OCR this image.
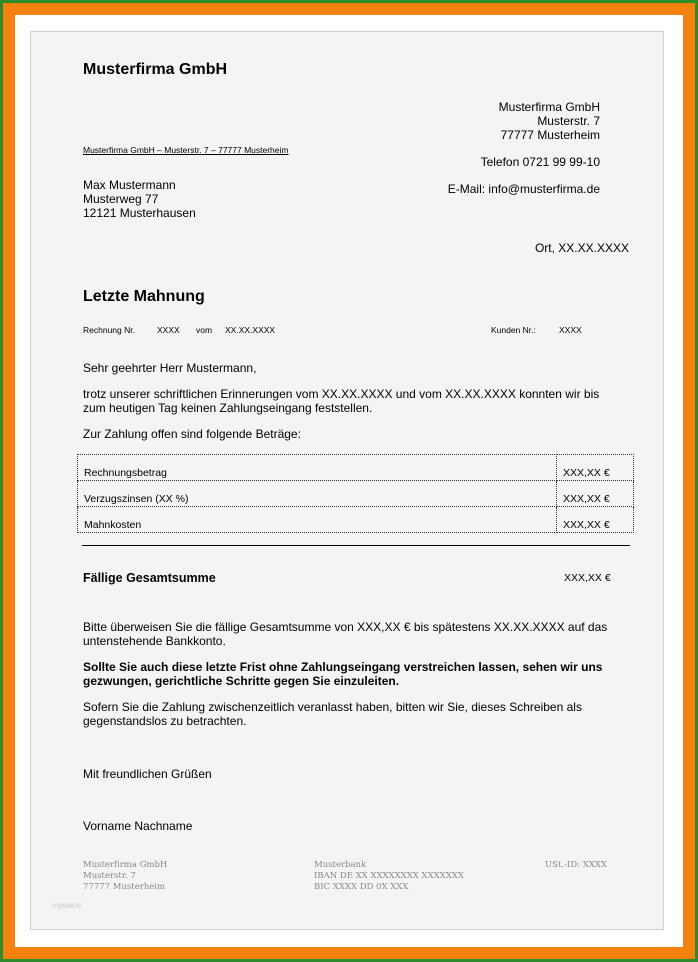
Musterfirma GmbH
Musterfirma GmbH
Musterstr. 7
77777 Musterheim
Musterfirma GmbH – Musterstr. 7 – 77777 Musterheim
Telefon 0721 99 99-10
E-Mail: info@musterfirma.de
Max Mustermann
Musterweg 77
12121 Musterhausen
Ort, XX.XX.XXXX
Letzte Mahnung
Rechnung Nr.	XXXX vom XX.XX.XXXX	Kunden Nr.:	XXXX
Sehr geehrter Herr Mustermann,
trotz unserer schriftlichen Erinnerungen vom XX.XX.XXXX und vom XX.XX.XXXX konnten wir bis zum heutigen Tag keinen Zahlungseingang feststellen.
Zur Zahlung offen sind folgende Beträge:
Rechnungsbetrag	XXX,XX €
Verzugszinsen (XX %)	XXX,XX €
Mahnkosten	XXX,XX €
Fällige Gesamtsumme	XXX,XX €
Bitte überweisen Sie die fällige Gesamtsumme von XXX,XX € bis spätestens XX.XX.XXXX auf das untenstehende Bankkonto.
Sollte Sie auch diese letzte Frist ohne Zahlungseingang verstreichen lassen, sehen wir uns gezwungen, gerichtliche Schritte gegen Sie einzuleiten.
Sofern Sie die Zahlung zwischenzeitlich veranlasst haben, bitten wir Sie, dieses Schreiben als gegenstandslos zu betrachten.
Mit freundlichen Grüßen
Vorname Nachname
Musterfirma GmbH
Musterstr. 7
77777 Musterheim
Musterbank
IBAN DE XX XXXXXXXX XXXXXXX
BIC XXXX DD 0X XXX
USt.-ID: XXXX
mywaris
